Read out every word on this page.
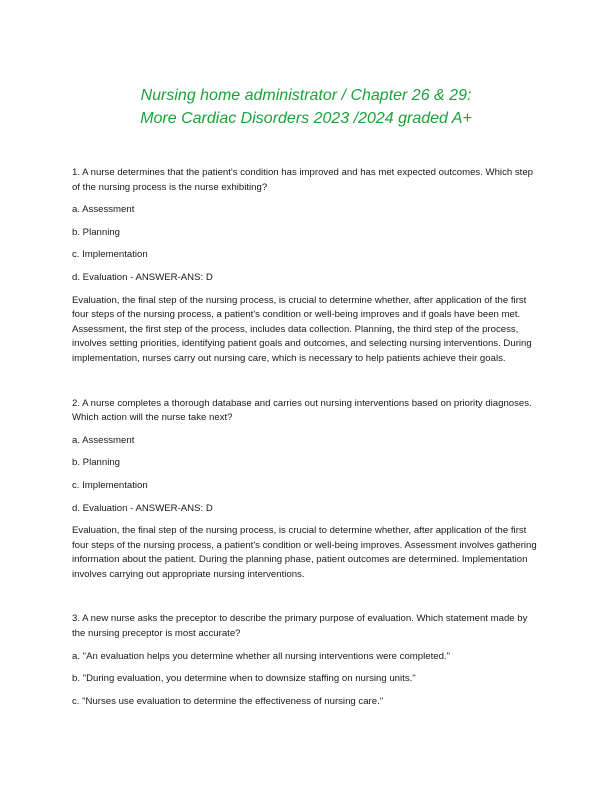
Nursing home administrator / Chapter 26 & 29:
More Cardiac Disorders 2023 /2024 graded A+

1. A nurse determines that the patient's condition has improved and has met expected outcomes. Which step of the nursing process is the nurse exhibiting?

a. Assessment

b. Planning

c. Implementation

d. Evaluation - ANSWER-ANS: D

Evaluation, the final step of the nursing process, is crucial to determine whether, after application of the first four steps of the nursing process, a patient's condition or well-being improves and if goals have been met. Assessment, the first step of the process, includes data collection. Planning, the third step of the process, involves setting priorities, identifying patient goals and outcomes, and selecting nursing interventions. During implementation, nurses carry out nursing care, which is necessary to help patients achieve their goals.

2. A nurse completes a thorough database and carries out nursing interventions based on priority diagnoses. Which action will the nurse take next?

a. Assessment

b. Planning

c. Implementation

d. Evaluation - ANSWER-ANS: D

Evaluation, the final step of the nursing process, is crucial to determine whether, after application of the first four steps of the nursing process, a patient's condition or well-being improves. Assessment involves gathering information about the patient. During the planning phase, patient outcomes are determined. Implementation involves carrying out appropriate nursing interventions.

3. A new nurse asks the preceptor to describe the primary purpose of evaluation. Which statement made by the nursing preceptor is most accurate?

a. "An evaluation helps you determine whether all nursing interventions were completed."

b. "During evaluation, you determine when to downsize staffing on nursing units."

c. "Nurses use evaluation to determine the effectiveness of nursing care."
